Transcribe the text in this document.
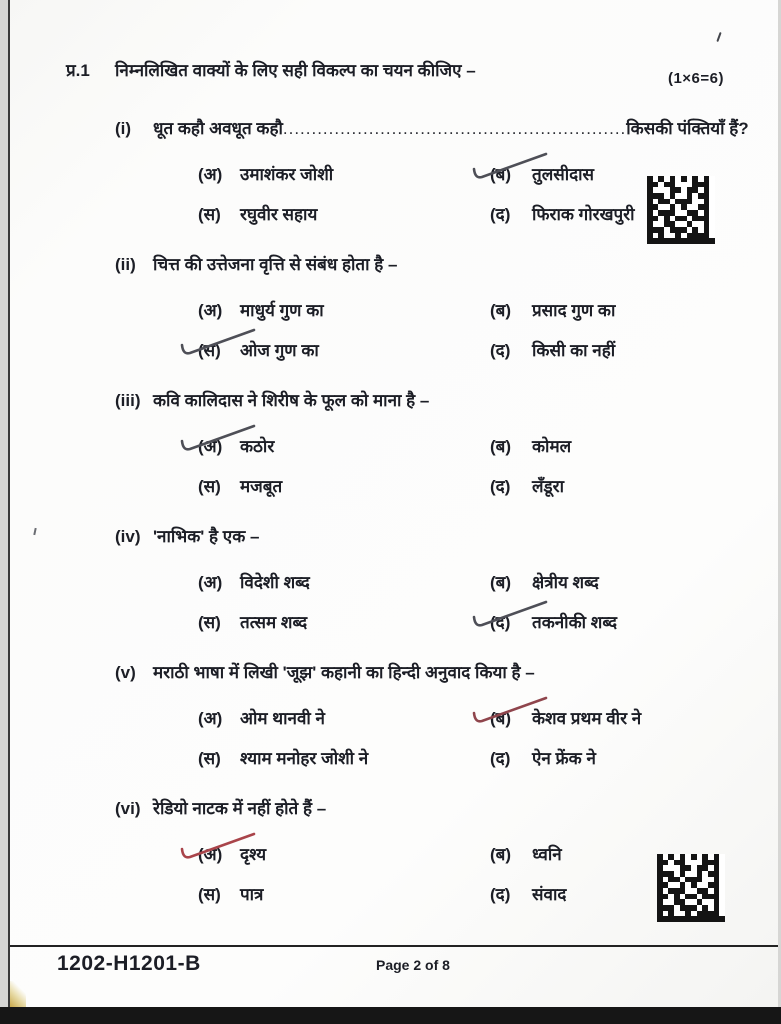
प्र.1	निम्नलिखित वाक्यों के लिए सही विकल्प का चयन कीजिए –
(i)	धूत कहौ अवधूत कहौ............................................................किसकी पंक्तियाँ हैं?
(अ)	उमाशंकर जोशी	(ब)	तुलसीदास
(स)	रघुवीर सहाय	(द)	फिराक गोरखपुरी
(ii)	चित्त की उत्तेजना वृत्ति से संबंध होता है –
(अ)	माधुर्य गुण का	(ब)	प्रसाद गुण का
(स)	ओज गुण का	(द)	किसी का नहीं
(iii) कवि कालिदास ने शिरीष के फूल को माना है –
(अ)	कठोर	(ब)	कोमल
(स)	मजबूत	(द)	लँडूरा
(iv) 'नाभिक' है एक –
(अ)	विदेशी शब्द	(ब)	क्षेत्रीय शब्द
(स)	तत्सम शब्द	(द)	तकनीकी शब्द
(v)	मराठी भाषा में लिखी 'जूझ' कहानी का हिन्दी अनुवाद किया है –
(अ)	ओम थानवी ने	(ब)	केशव प्रथम वीर ने
(स)	श्याम मनोहर जोशी ने	(द)	ऐन फ्रेंक ने
(vi) रेडियो नाटक में नहीं होते हैं –
(अ)	दृश्य	(ब)	ध्वनि
(स)	पात्र	(द)	संवाद
(1×6=6)
1202-H1201-B	Page 2 of 8
